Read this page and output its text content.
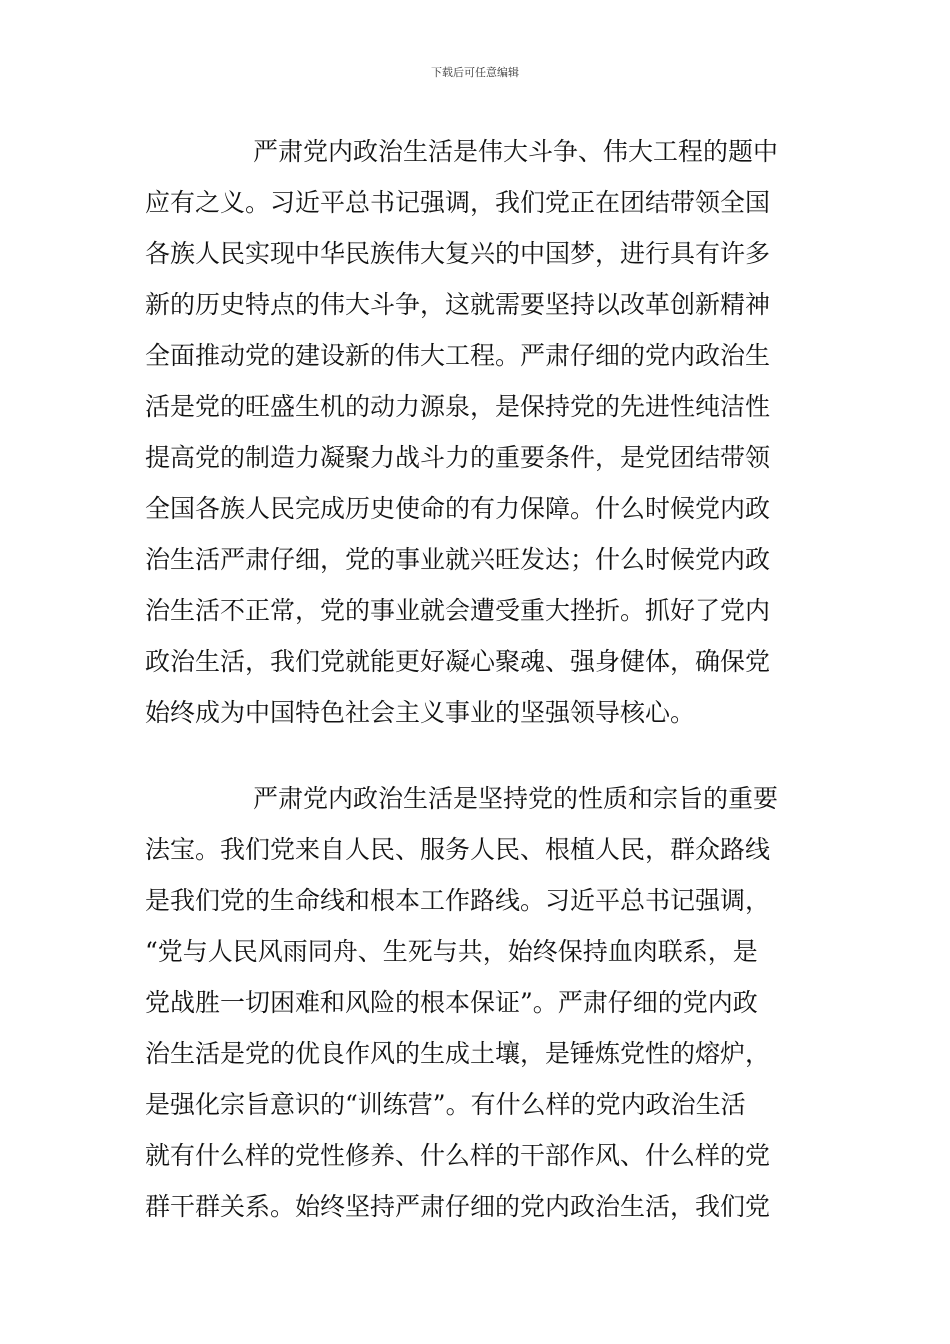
下载后可任意编辑
严肃党内政治生活是伟大斗争、伟大工程的题中
应有之义。习近平总书记强调，我们党正在团结带领全国
各族人民实现中华民族伟大复兴的中国梦，进行具有许多
新的历史特点的伟大斗争，这就需要坚持以改革创新精神
全面推动党的建设新的伟大工程。严肃仔细的党内政治生
活是党的旺盛生机的动力源泉，是保持党的先进性纯洁性
提高党的制造力凝聚力战斗力的重要条件，是党团结带领
全国各族人民完成历史使命的有力保障。什么时候党内政
治生活严肃仔细，党的事业就兴旺发达；什么时候党内政
治生活不正常，党的事业就会遭受重大挫折。抓好了党内
政治生活，我们党就能更好凝心聚魂、强身健体，确保党
始终成为中国特色社会主义事业的坚强领导核心。
严肃党内政治生活是坚持党的性质和宗旨的重要
法宝。我们党来自人民、服务人民、根植人民，群众路线
是我们党的生命线和根本工作路线。习近平总书记强调，
“党与人民风雨同舟、生死与共，始终保持血肉联系，是
党战胜一切困难和风险的根本保证”。严肃仔细的党内政
治生活是党的优良作风的生成土壤，是锤炼党性的熔炉，
是强化宗旨意识的“训练营”。有什么样的党内政治生活
就有什么样的党性修养、什么样的干部作风、什么样的党
群干群关系。始终坚持严肃仔细的党内政治生活，我们党
